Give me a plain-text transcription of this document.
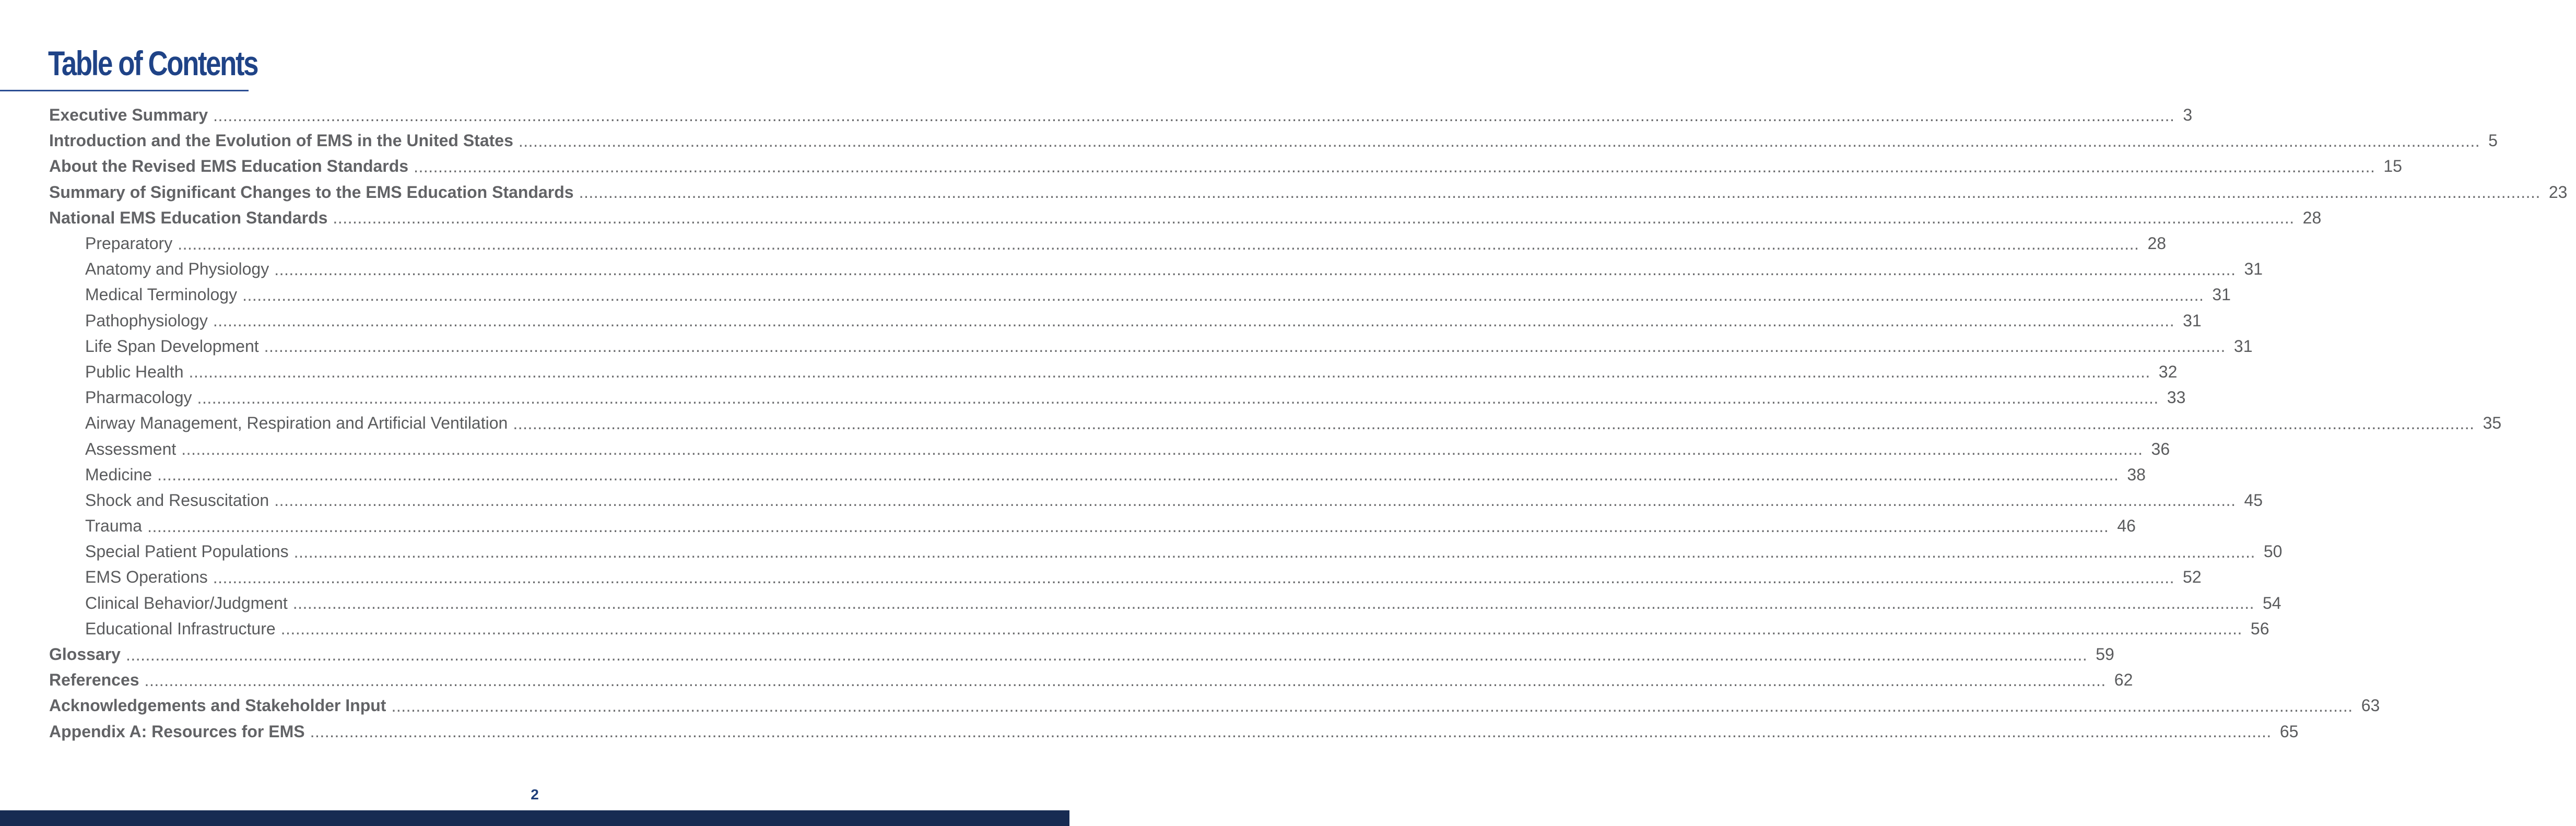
Table of Contents
Executive Summary ................................................................................................................................................................................................................................................................................................................................................................................................................ 3
Introduction and the Evolution of EMS in the United States ................................................................................................................................................................................................................................................................................................................................................................................................................ 5
About the Revised EMS Education Standards ................................................................................................................................................................................................................................................................................................................................................................................................................ 15
Summary of Significant Changes to the EMS Education Standards ................................................................................................................................................................................................................................................................................................................................................................................................................ 23
National EMS Education Standards ................................................................................................................................................................................................................................................................................................................................................................................................................ 28
Preparatory ................................................................................................................................................................................................................................................................................................................................................................................................................ 28
Anatomy and Physiology ................................................................................................................................................................................................................................................................................................................................................................................................................ 31
Medical Terminology ................................................................................................................................................................................................................................................................................................................................................................................................................ 31
Pathophysiology ................................................................................................................................................................................................................................................................................................................................................................................................................ 31
Life Span Development ................................................................................................................................................................................................................................................................................................................................................................................................................ 31
Public Health ................................................................................................................................................................................................................................................................................................................................................................................................................ 32
Pharmacology ................................................................................................................................................................................................................................................................................................................................................................................................................ 33
Airway Management, Respiration and Artificial Ventilation ................................................................................................................................................................................................................................................................................................................................................................................................................ 35
Assessment ................................................................................................................................................................................................................................................................................................................................................................................................................ 36
Medicine ................................................................................................................................................................................................................................................................................................................................................................................................................ 38
Shock and Resuscitation ................................................................................................................................................................................................................................................................................................................................................................................................................ 45
Trauma ................................................................................................................................................................................................................................................................................................................................................................................................................ 46
Special Patient Populations ................................................................................................................................................................................................................................................................................................................................................................................................................ 50
EMS Operations ................................................................................................................................................................................................................................................................................................................................................................................................................ 52
Clinical Behavior/Judgment ................................................................................................................................................................................................................................................................................................................................................................................................................ 54
Educational Infrastructure ................................................................................................................................................................................................................................................................................................................................................................................................................ 56
Glossary ................................................................................................................................................................................................................................................................................................................................................................................................................ 59
References ................................................................................................................................................................................................................................................................................................................................................................................................................ 62
Acknowledgements and Stakeholder Input ................................................................................................................................................................................................................................................................................................................................................................................................................ 63
Appendix A: Resources for EMS ................................................................................................................................................................................................................................................................................................................................................................................................................ 65
2
